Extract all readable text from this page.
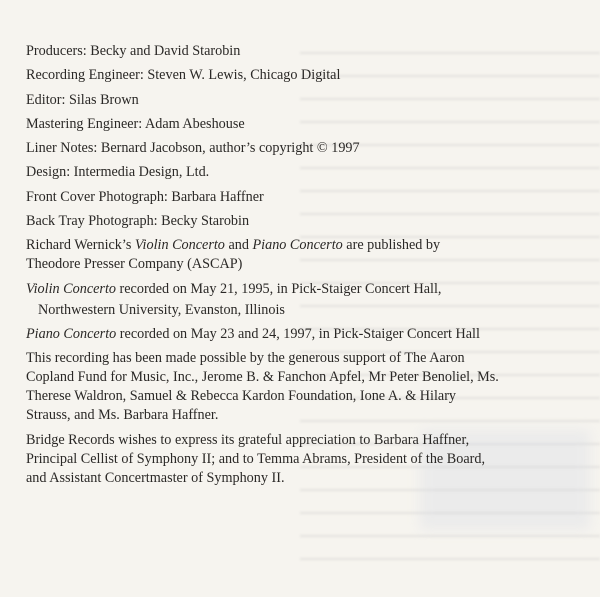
Producers: Becky and David Starobin
Recording Engineer: Steven W. Lewis, Chicago Digital
Editor: Silas Brown
Mastering Engineer: Adam Abeshouse
Liner Notes: Bernard Jacobson, author’s copyright © 1997
Design: Intermedia Design, Ltd.
Front Cover Photograph: Barbara Haffner
Back Tray Photograph: Becky Starobin
Richard Wernick’s Violin Concerto and Piano Concerto are published by
Theodore Presser Company (ASCAP)
Violin Concerto recorded on May 21, 1995, in Pick-Staiger Concert Hall,
Northwestern University, Evanston, Illinois
Piano Concerto recorded on May 23 and 24, 1997, in Pick-Staiger Concert Hall
This recording has been made possible by the generous support of The Aaron
Copland Fund for Music, Inc., Jerome B. & Fanchon Apfel, Mr Peter Benoliel, Ms.
Therese Waldron, Samuel & Rebecca Kardon Foundation, Ione A. & Hilary
Strauss, and Ms. Barbara Haffner.
Bridge Records wishes to express its grateful appreciation to Barbara Haffner,
Principal Cellist of Symphony II; and to Temma Abrams, President of the Board,
and Assistant Concertmaster of Symphony II.
